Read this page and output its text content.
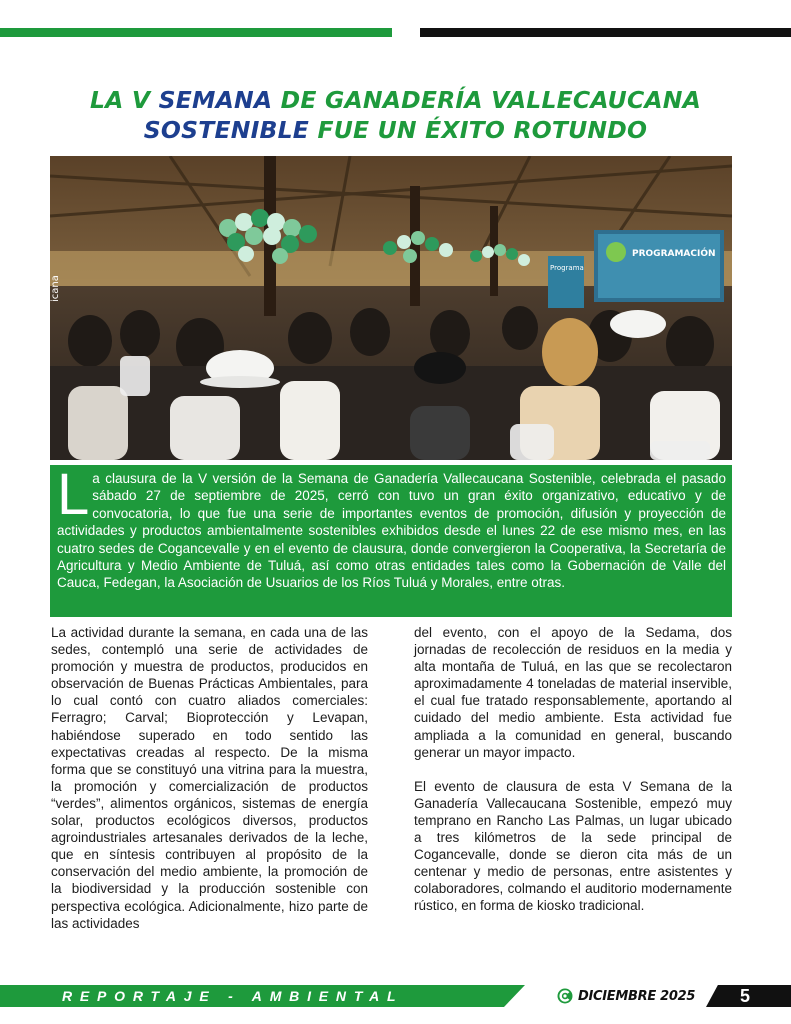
LA V SEMANA DE GANADERÍA VALLECAUCANA
SOSTENIBLE FUE UN ÉXITO ROTUNDO
PROGRAMACIÓN
Programa
icana
La clausura de la V versión de la Semana de Ganadería Vallecaucana Sostenible, celebrada el pasado sábado 27 de septiembre de 2025, cerró con tuvo un gran éxito organizativo, educativo y de convocatoria, lo que fue una serie de importantes eventos de promoción, difusión y proyección de actividades y productos ambientalmente sostenibles exhibidos desde el lunes 22 de ese mismo mes, en las cuatro sedes de Cogancevalle y en el evento de clausura, donde convergieron la Cooperativa, la Secretaría de Agricultura y Medio Ambiente de Tuluá, así como otras entidades tales como la Gobernación de Valle del Cauca, Fedegan, la Asociación de Usuarios de los Ríos Tuluá y Morales, entre otras.

La actividad durante la semana, en cada una de las sedes, contempló una serie de actividades de promoción y muestra de productos, producidos en observación de Buenas Prácticas Ambientales, para lo cual contó con cuatro aliados comerciales: Ferragro; Carval; Bioprotección y Levapan, habiéndose superado en todo sentido las expectativas creadas al respecto. De la misma forma que se constituyó una vitrina para la muestra, la promoción y comercialización de productos “verdes”, alimentos orgánicos, sistemas de energía solar, productos ecológicos diversos, productos agroindustriales artesanales derivados de la leche, que en síntesis contribuyen al propósito de la conservación del medio ambiente, la promoción de la biodiversidad y la producción sostenible con perspectiva ecológica. Adicionalmente, hizo parte de las actividades

del evento, con el apoyo de la Sedama, dos jornadas de recolección de residuos en la media y alta montaña de Tuluá, en las que se recolectaron aproximadamente 4 toneladas de material inservible, el cual fue tratado responsablemente, aportando al cuidado del medio ambiente. Esta actividad fue ampliada a la comunidad en general, buscando generar un mayor impacto.

El evento de clausura de esta V Semana de la Ganadería Vallecaucana Sostenible, empezó muy temprano en Rancho Las Palmas, un lugar ubicado a tres kilómetros de la sede principal de Cogancevalle, donde se dieron cita más de un centenar y medio de personas, entre asistentes y colaboradores, colmando el auditorio modernamente rústico, en forma de kiosko tradicional.

REPORTAJE - AMBIENTAL	DICIEMBRE 2025 5
